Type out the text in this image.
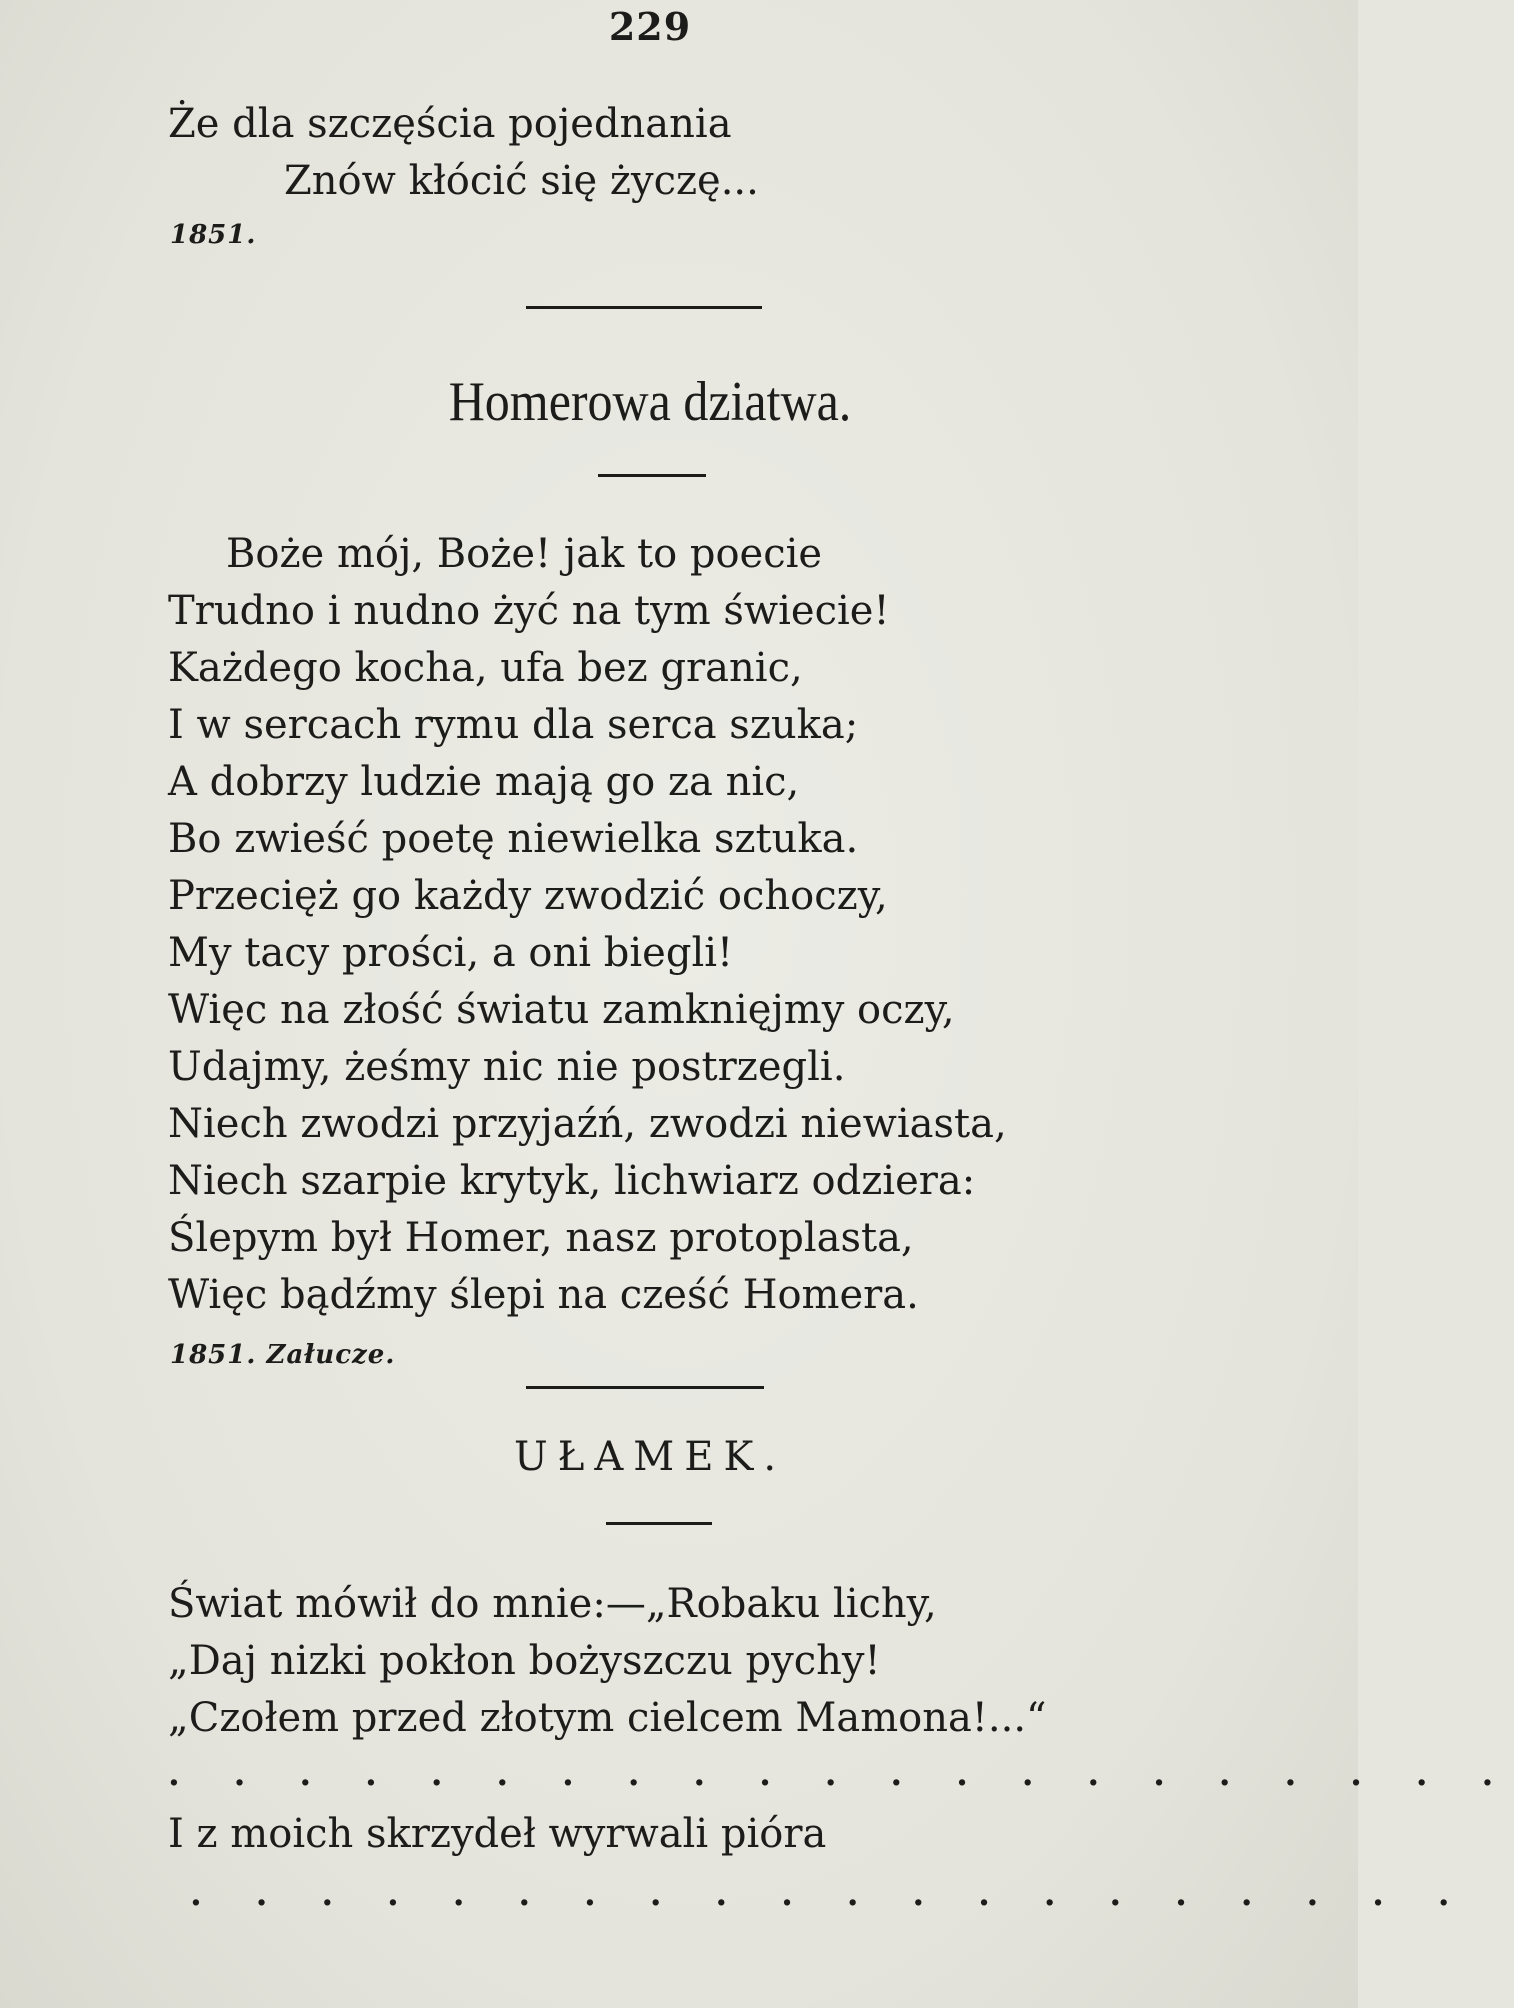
229
Że dla szczęścia pojednania
Znów kłócić się życzę...
1851.
Homerowa dziatwa.
Boże mój, Boże! jak to poecie
Trudno i nudno żyć na tym świecie!
Każdego kocha, ufa bez granic,
I w sercach rymu dla serca szuka;
A dobrzy ludzie mają go za nic,
Bo zwieść poetę niewielka sztuka.
Przecięż go każdy zwodzić ochoczy,
My tacy prości, a oni biegli!
Więc na złość światu zamknięjmy oczy,
Udajmy, żeśmy nic nie postrzegli.
Niech zwodzi przyjaźń, zwodzi niewiasta,
Niech szarpie krytyk, lichwiarz odziera:
Ślepym był Homer, nasz protoplasta,
Więc bądźmy ślepi na cześć Homera.
1851. Załucze.
UŁAMEK.
Świat mówił do mnie:—„Robaku lichy,
„Daj nizki pokłon bożyszczu pychy!
„Czołem przed złotym cielcem Mamona!...“
. . . . . . . . . . . . . . . . . . . . .
I z moich skrzydeł wyrwali pióra
. . . . . . . . . . . . . . . . . . . .
